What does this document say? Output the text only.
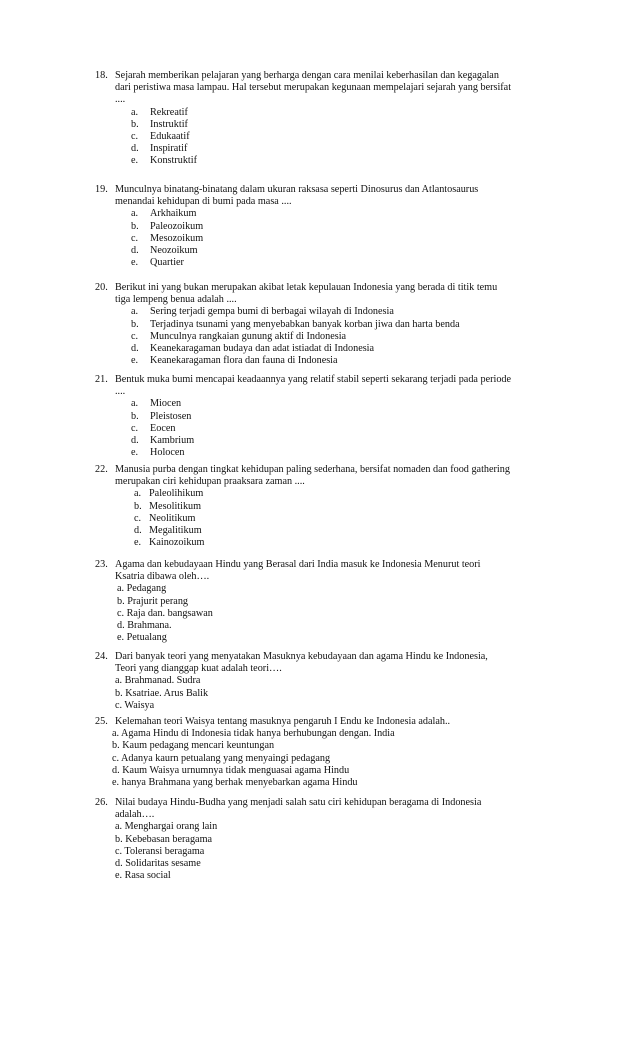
18. Sejarah memberikan pelajaran yang berharga dengan cara menilai keberhasilan dan kegagalan
dari peristiwa masa lampau. Hal tersebut merupakan kegunaan mempelajari sejarah yang bersifat
....
a.	Rekreatif
b.	Instruktif
c.	Edukaatif
d.	Inspiratif
e.	Konstruktif
19. Munculnya binatang-binatang dalam ukuran raksasa seperti Dinosurus dan Atlantosaurus
menandai kehidupan di bumi pada masa ....
a.	Arkhaikum
b.	Paleozoikum
c.	Mesozoikum
d.	Neozoikum
e.	Quartier
20. Berikut ini yang bukan merupakan akibat letak kepulauan Indonesia yang berada di titik temu
tiga lempeng benua adalah ....
a.	Sering terjadi gempa bumi di berbagai wilayah di Indonesia
b.	Terjadinya tsunami yang menyebabkan banyak korban jiwa dan harta benda
c.	Munculnya rangkaian gunung aktif di Indonesia
d.	Keanekaragaman budaya dan adat istiadat di Indonesia
e.	Keanekaragaman flora dan fauna di Indonesia
21. Bentuk muka bumi mencapai keadaannya yang relatif stabil seperti sekarang terjadi pada periode
....
a.	Miocen
b.	Pleistosen
c.	Eocen
d.	Kambrium
e.	Holocen
22. Manusia purba dengan tingkat kehidupan paling sederhana, bersifat nomaden dan food gathering
merupakan ciri kehidupan praaksara zaman ....
a. Paleolihikum
b. Mesolitikum
c. Neolitikum
d. Megalitikum
e. Kainozoikum
23. Agama dan kebudayaan Hindu yang Berasal dari India masuk ke Indonesia Menurut teori
Ksatria dibawa oleh….
a. Pedagang
b. Prajurit perang
c. Raja dan. bangsawan
d. Brahmana.
e. Petualang
24. Dari banyak teori yang menyatakan Masuknya kebudayaan dan agama Hindu ke Indonesia,
Teori yang dianggap kuat adalah teori….
a. Brahmanad. Sudra
b. Ksatriae. Arus Balik
c. Waisya
25. Kelemahan teori Waisya tentang masuknya pengaruh I Endu ke Indonesia adalah..
a. Agama Hindu di Indonesia tidak hanya berhubungan dengan. India
b. Kaum pedagang mencari keuntungan
c. Adanya kaurn petualang yang menyaingi pedagang
d. Kaum Waisya urnumnya tidak menguasai agama Hindu
e. hanya Brahmana yang berhak menyebarkan agama Hindu
26. Nilai budaya Hindu-Budha yang menjadi salah satu ciri kehidupan beragama di Indonesia
adalah….
a. Menghargai orang lain
b. Kebebasan beragama
c. Toleransi beragama
d. Solidaritas sesame
e. Rasa social
